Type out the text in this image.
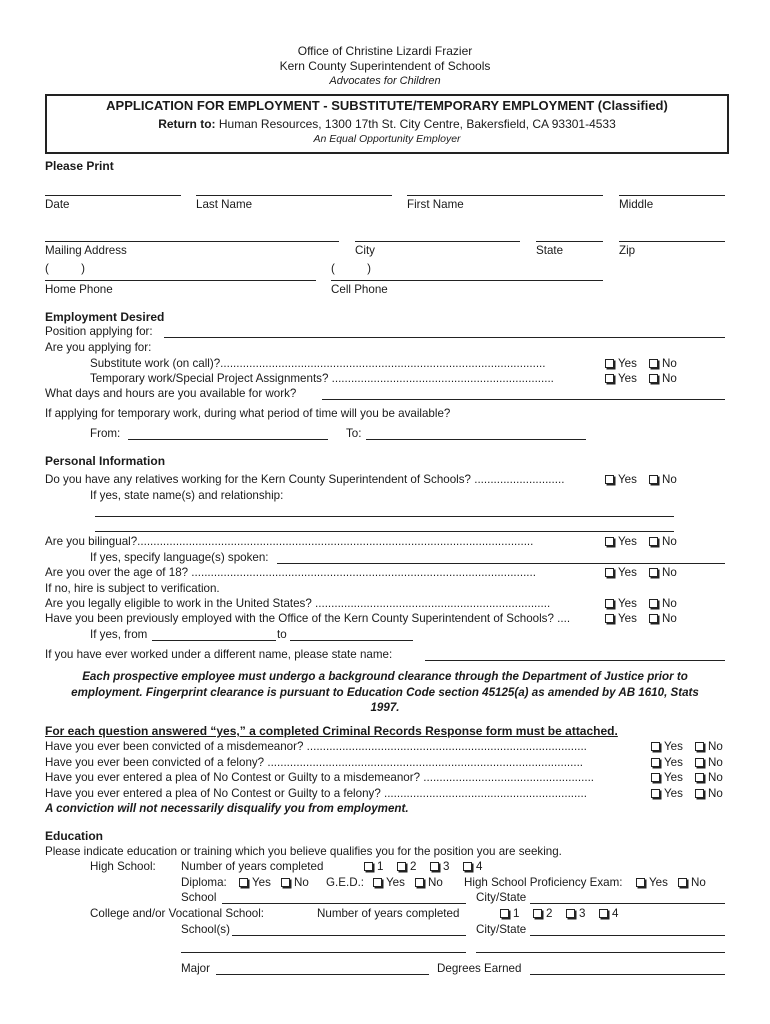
Office of Christine Lizardi Frazier
Kern County Superintendent of Schools
Advocates for Children
APPLICATION FOR EMPLOYMENT - SUBSTITUTE/TEMPORARY EMPLOYMENT (Classified)
Return to: Human Resources, 1300 17th St. City Centre, Bakersfield, CA 93301-4533
An Equal Opportunity Employer
Please Print
Date	Last Name	First Name	Middle
Mailing Address	City	State	Zip
(          )	(          )
Home Phone	Cell Phone
Employment Desired
Position applying for:
Are you applying for:
Substitute work (on call)?.....................................................................................................	Yes	No
Temporary work/Special Project Assignments? .....................................................................	Yes	No
What days and hours are you available for work?
If applying for temporary work, during what period of time will you be available?
From:	To:
Personal Information
Do you have any relatives working for the Kern County Superintendent of Schools? ............................	Yes	No
If yes, state name(s) and relationship:
Are you bilingual?...........................................................................................................................	Yes	No
If yes, specify language(s) spoken:
Are you over the age of 18? ...........................................................................................................	Yes	No
If no, hire is subject to verification.
Are you legally eligible to work in the United States? .........................................................................	Yes	No
Have you been previously employed with the Office of the Kern County Superintendent of Schools? ....	Yes	No
If yes, from	to
If you have ever worked under a different name, please state name:
Each prospective employee must undergo a background clearance through the Department of Justice prior to
employment. Fingerprint clearance is pursuant to Education Code section 45125(a) as amended by AB 1610, Stats
1997.
For each question answered “yes,” a completed Criminal Records Response form must be attached.
Have you ever been convicted of a misdemeanor? .......................................................................................	Yes	No
Have you ever been convicted of a felony? ..................................................................................................	Yes	No
Have you ever entered a plea of No Contest or Guilty to a misdemeanor? .....................................................	Yes	No
Have you ever entered a plea of No Contest or Guilty to a felony? ...............................................................	Yes	No
A conviction will not necessarily disqualify you from employment.
Education
Please indicate education or training which you believe qualifies you for the position you are seeking.
High School: Number of years completed	1	2	3	4
Diploma:	Yes	No G.E.D.:	Yes	No High School Proficiency Exam:	Yes	No
School	City/State
College and/or Vocational School:	Number of years completed	1	2	3	4
School(s)	City/State
Major	Degrees Earned
